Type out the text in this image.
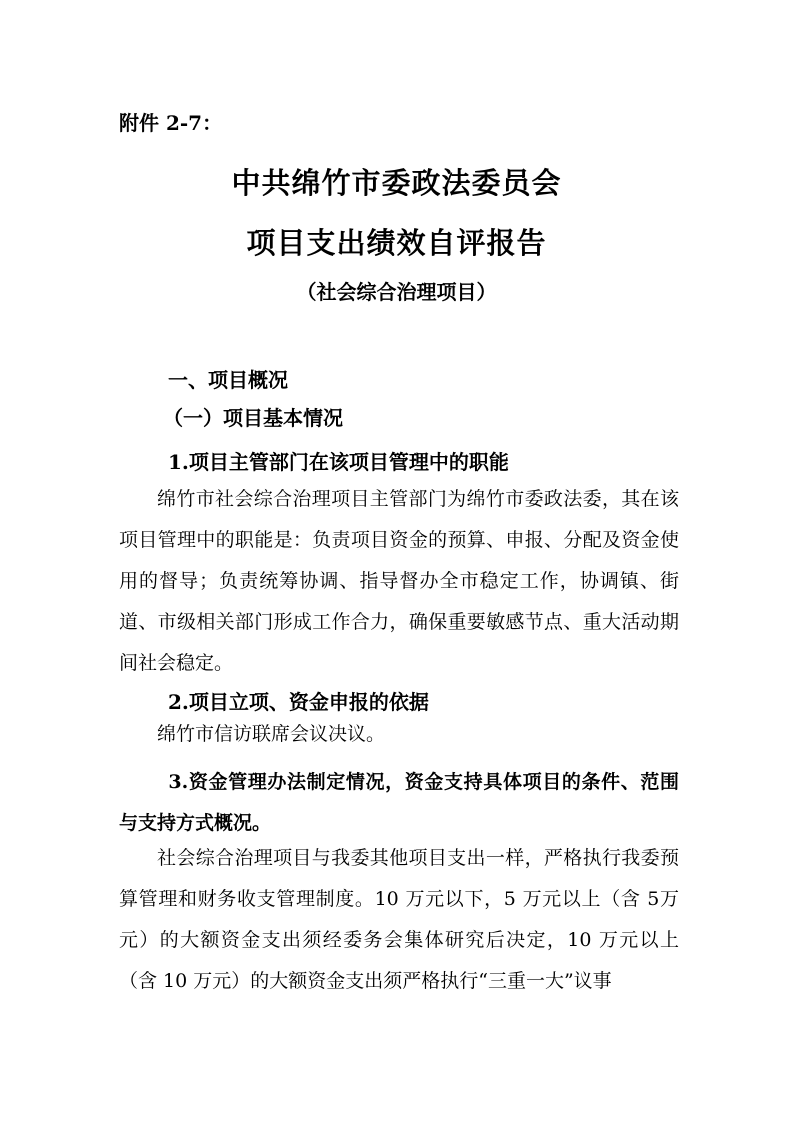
附件 2-7：
中共绵竹市委政法委员会
项目支出绩效自评报告
（社会综合治理项目）
一、项目概况
（一）项目基本情况
1.项目主管部门在该项目管理中的职能

绵竹市社会综合治理项目主管部门为绵竹市委政法委，其在该项目管理中的职能是：负责项目资金的预算、申报、分配及资金使用的督导；负责统筹协调、指导督办全市稳定工作，协调镇、街道、市级相关部门形成工作合力，确保重要敏感节点、重大活动期间社会稳定。

2.项目立项、资金申报的依据

绵竹市信访联席会议决议。

3.资金管理办法制定情况，资金支持具体项目的条件、范围与支持方式概况。

社会综合治理项目与我委其他项目支出一样，严格执行我委预算管理和财务收支管理制度。10 万元以下，5 万元以上（含 5万元）的大额资金支出须经委务会集体研究后决定，10 万元以上（含 10 万元）的大额资金支出须严格执行“三重一大”议事
